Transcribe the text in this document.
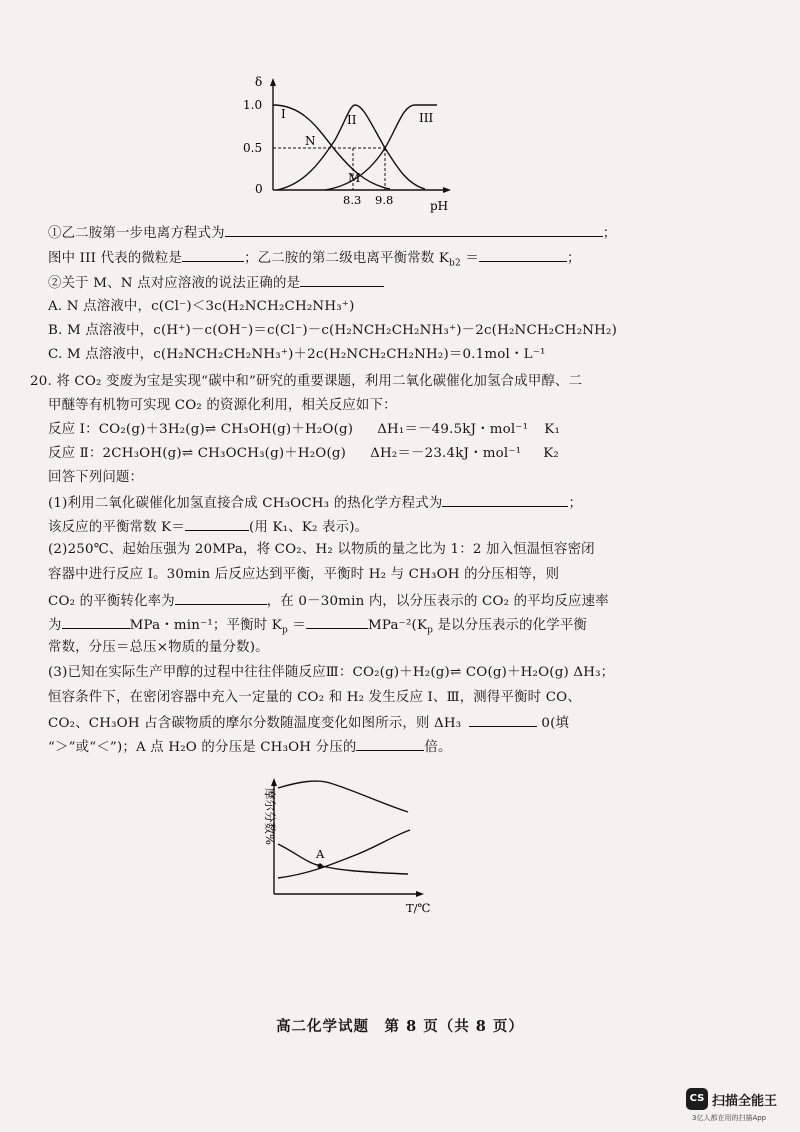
δ
1.0
0.5
0
I	II	III
N
M
8.3 9.8	pH
①乙二胺第一步电离方程式为	；
图中 III 代表的微粒是	；乙二胺的第二级电离平衡常数 $K_{b2}$ ＝	；
②关于 M、N 点对应溶液的说法正确的是
A. N 点溶液中，c(Cl⁻)＜3c(H₂NCH₂CH₂NH₃⁺)
B. M 点溶液中，c(H⁺)－c(OH⁻)＝c(Cl⁻)－c(H₂NCH₂CH₂NH₃⁺)－2c(H₂NCH₂CH₂NH₂)
C. M 点溶液中，c(H₂NCH₂CH₂NH₃⁺)＋2c(H₂NCH₂CH₂NH₂)＝0.1mol・L⁻¹
20. 将 CO₂ 变废为宝是实现“碳中和”研究的重要课题，利用二氧化碳催化加氢合成甲醇、二
甲醚等有机物可实现 CO₂ 的资源化利用，相关反应如下：
反应 Ⅰ：CO₂(g)＋3H₂(g)⇌ CH₃OH(g)＋H₂O(g) ΔH₁＝－49.5kJ・mol⁻¹ K₁
反应 Ⅱ：2CH₃OH(g)⇌ CH₃OCH₃(g)＋H₂O(g) ΔH₂＝－23.4kJ・mol⁻¹ K₂
回答下列问题：
(1)利用二氧化碳催化加氢直接合成 CH₃OCH₃ 的热化学方程式为	；
该反应的平衡常数 K＝	(用 K₁、K₂ 表示)。
(2)250℃、起始压强为 20MPa，将 CO₂、H₂ 以物质的量之比为 1：2 加入恒温恒容密闭
容器中进行反应 Ⅰ。30min 后反应达到平衡，平衡时 H₂ 与 CH₃OH 的分压相等，则
CO₂ 的平衡转化率为	，在 0－30min 内，以分压表示的 CO₂ 的平均反应速率
为	MPa・min⁻¹；平衡时 $K_p$ ＝	$MPa^{-2}(K_p$ 是以分压表示的化学平衡
常数，分压＝总压×物质的量分数)。
(3)已知在实际生产甲醇的过程中往往伴随反应Ⅲ：CO₂(g)＋H₂(g)⇌ CO(g)＋H₂O(g) ΔH₃；
恒容条件下，在密闭容器中充入一定量的 CO₂ 和 H₂ 发生反应 Ⅰ、Ⅲ，测得平衡时 CO、
CO₂、CH₃OH 占含碳物质的摩尔分数随温度变化如图所示，则 ΔH₃	0(填
“＞”或“＜”)；A 点 H₂O 的分压是 CH₃OH 分压的	倍。
摩尔分数%
A
T/℃
高二化学试题　第 8 页（共 8 页）
CS 扫描全能王
3亿人都在用的扫描App
